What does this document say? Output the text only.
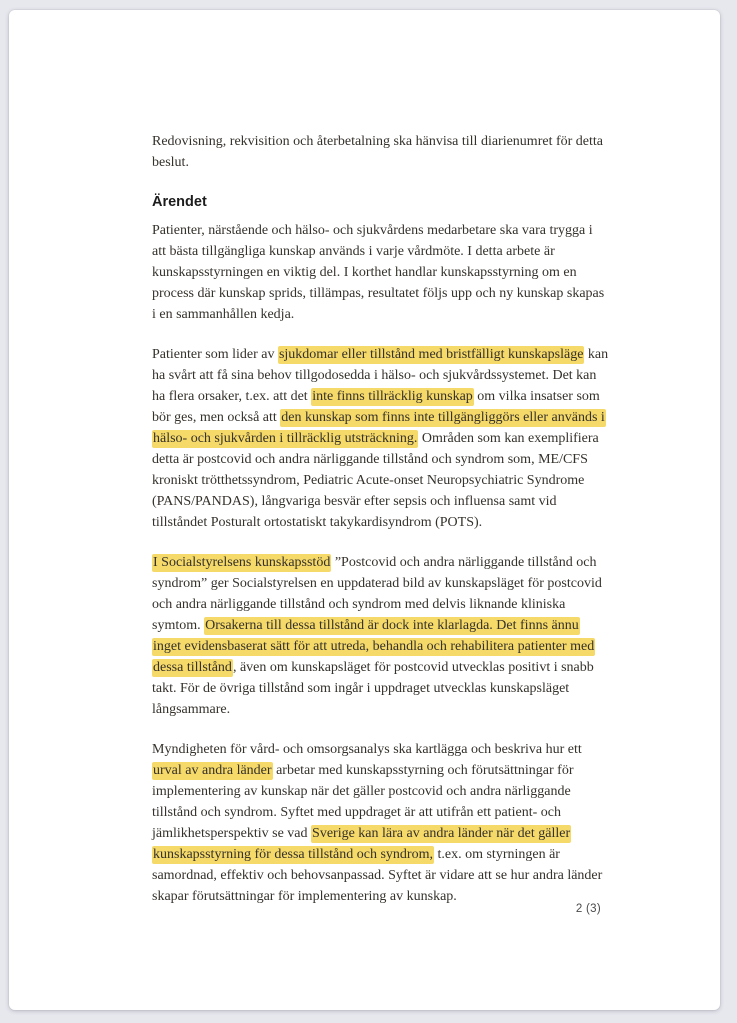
Redovisning, rekvisition och återbetalning ska hänvisa till diarienumret för detta beslut.

Ärendet

Patienter, närstående och hälso- och sjukvårdens medarbetare ska vara trygga i att bästa tillgängliga kunskap används i varje vårdmöte. I detta arbete är kunskapsstyrningen en viktig del. I korthet handlar kunskapsstyrning om en process där kunskap sprids, tillämpas, resultatet följs upp och ny kunskap skapas i en sammanhållen kedja.

Patienter som lider av sjukdomar eller tillstånd med bristfälligt kunskapsläge kan ha svårt att få sina behov tillgodosedda i hälso- och sjukvårdssystemet. Det kan ha flera orsaker, t.ex. att det inte finns tillräcklig kunskap om vilka insatser som bör ges, men också att den kunskap som finns inte tillgängliggörs eller används i hälso- och sjukvården i tillräcklig utsträckning. Områden som kan exemplifiera detta är postcovid och andra närliggande tillstånd och syndrom som, ME/CFS kroniskt trötthetssyndrom, Pediatric Acute-onset Neuropsychiatric Syndrome (PANS/PANDAS), långvariga besvär efter sepsis och influensa samt vid tillståndet Posturalt ortostatiskt takykardisyndrom (POTS).

I Socialstyrelsens kunskapsstöd ”Postcovid och andra närliggande tillstånd och syndrom” ger Socialstyrelsen en uppdaterad bild av kunskapsläget för postcovid och andra närliggande tillstånd och syndrom med delvis liknande kliniska symtom. Orsakerna till dessa tillstånd är dock inte klarlagda. Det finns ännu inget evidensbaserat sätt för att utreda, behandla och rehabilitera patienter med dessa tillstånd, även om kunskapsläget för postcovid utvecklas positivt i snabb takt. För de övriga tillstånd som ingår i uppdraget utvecklas kunskapsläget långsammare.

Myndigheten för vård- och omsorgsanalys ska kartlägga och beskriva hur ett urval av andra länder arbetar med kunskapsstyrning och förutsättningar för implementering av kunskap när det gäller postcovid och andra närliggande tillstånd och syndrom. Syftet med uppdraget är att utifrån ett patient- och jämlikhetsperspektiv se vad Sverige kan lära av andra länder när det gäller kunskapsstyrning för dessa tillstånd och syndrom, t.ex. om styrningen är samordnad, effektiv och behovsanpassad. Syftet är vidare att se hur andra länder skapar förutsättningar för implementering av kunskap.

2 (3)
